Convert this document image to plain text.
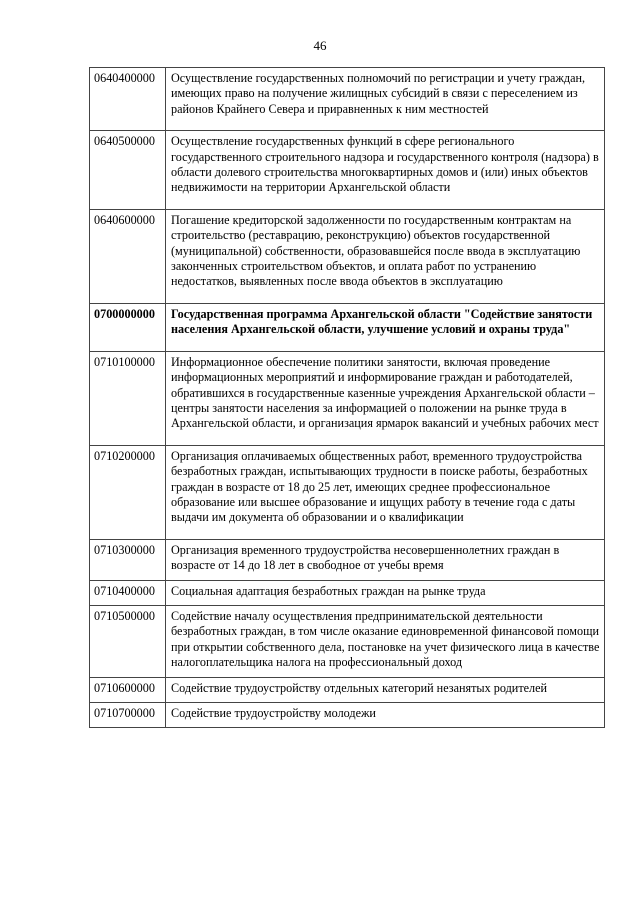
46
0640400000	Осуществление государственных полномочий по регистрации и учету граждан, имеющих право на получение жилищных субсидий в связи с переселением из районов Крайнего Севера и приравненных к ним местностей
0640500000	Осуществление государственных функций в сфере регионального государственного строительного надзора и государственного контроля (надзора) в области долевого строительства многоквартирных домов и (или) иных объектов недвижимости на территории Архангельской области
0640600000	Погашение кредиторской задолженности по государственным контрактам на строительство (реставрацию, реконструкцию) объектов государственной (муниципальной) собственности, образовавшейся после ввода в эксплуатацию законченных строительством объектов, и оплата работ по устранению недостатков, выявленных после ввода объектов в эксплуатацию
0700000000	Государственная программа Архангельской области "Содействие занятости населения Архангельской области, улучшение условий и охраны труда"
0710100000	Информационное обеспечение политики занятости, включая проведение информационных мероприятий и информирование граждан и работодателей, обратившихся в государственные казенные учреждения Архангельской области – центры занятости населения за информацией о положении на рынке труда в Архангельской области, и организация ярмарок вакансий и учебных рабочих мест
0710200000	Организация оплачиваемых общественных работ, временного трудоустройства безработных граждан, испытывающих трудности в поиске работы, безработных граждан в возрасте от 18 до 25 лет, имеющих среднее профессиональное образование или высшее образование и ищущих работу в течение года с даты выдачи им документа об образовании и о квалификации
0710300000	Организация временного трудоустройства несовершеннолетних граждан в возрасте от 14 до 18 лет в свободное от учебы время
0710400000	Социальная адаптация безработных граждан на рынке труда
0710500000	Содействие началу осуществления предпринимательской деятельности безработных граждан, в том числе оказание единовременной финансовой помощи при открытии собственного дела, постановке на учет физического лица в качестве налогоплательщика налога на профессиональный доход
0710600000	Содействие трудоустройству отдельных категорий незанятых родителей
0710700000	Содействие трудоустройству молодежи
